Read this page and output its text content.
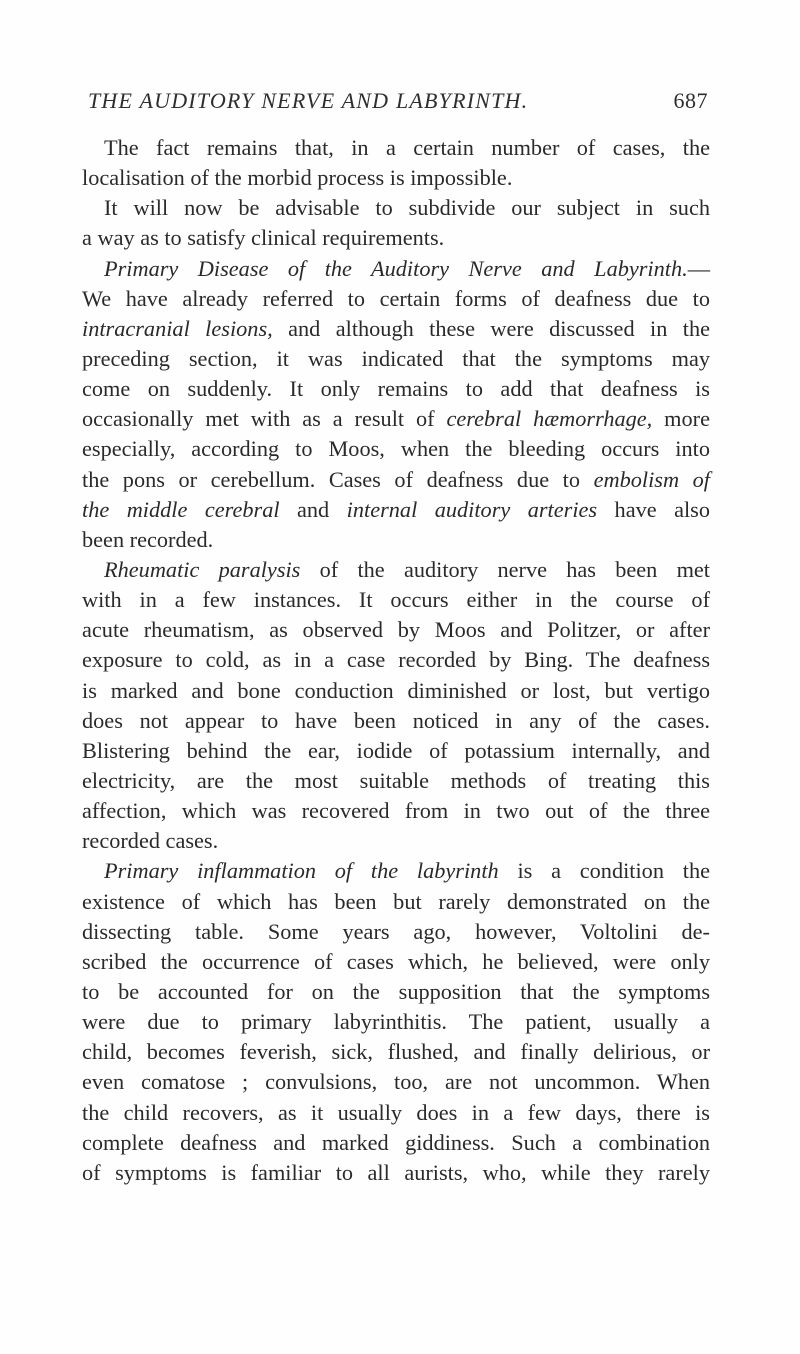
THE AUDITORY NERVE AND LABYRINTH.	687
The fact remains that, in a certain number of cases, the
localisation of the morbid process is impossible.
It will now be advisable to subdivide our subject in such
a way as to satisfy clinical requirements.
Primary Disease of the Auditory Nerve and Labyrinth.—
We have already referred to certain forms of deafness due to
intracranial lesions, and although these were discussed in the
preceding section, it was indicated that the symptoms may
come on suddenly. It only remains to add that deafness is
occasionally met with as a result of cerebral hæmorrhage, more
especially, according to Moos, when the bleeding occurs into
the pons or cerebellum. Cases of deafness due to embolism of
the middle cerebral and internal auditory arteries have also
been recorded.
Rheumatic paralysis of the auditory nerve has been met
with in a few instances. It occurs either in the course of
acute rheumatism, as observed by Moos and Politzer, or after
exposure to cold, as in a case recorded by Bing. The deafness
is marked and bone conduction diminished or lost, but vertigo
does not appear to have been noticed in any of the cases.
Blistering behind the ear, iodide of potassium internally, and
electricity, are the most suitable methods of treating this
affection, which was recovered from in two out of the three
recorded cases.
Primary inflammation of the labyrinth is a condition the
existence of which has been but rarely demonstrated on the
dissecting table. Some years ago, however, Voltolini de-
scribed the occurrence of cases which, he believed, were only
to be accounted for on the supposition that the symptoms
were due to primary labyrinthitis. The patient, usually a
child, becomes feverish, sick, flushed, and finally delirious, or
even comatose ; convulsions, too, are not uncommon. When
the child recovers, as it usually does in a few days, there is
complete deafness and marked giddiness. Such a combination
of symptoms is familiar to all aurists, who, while they rarely
